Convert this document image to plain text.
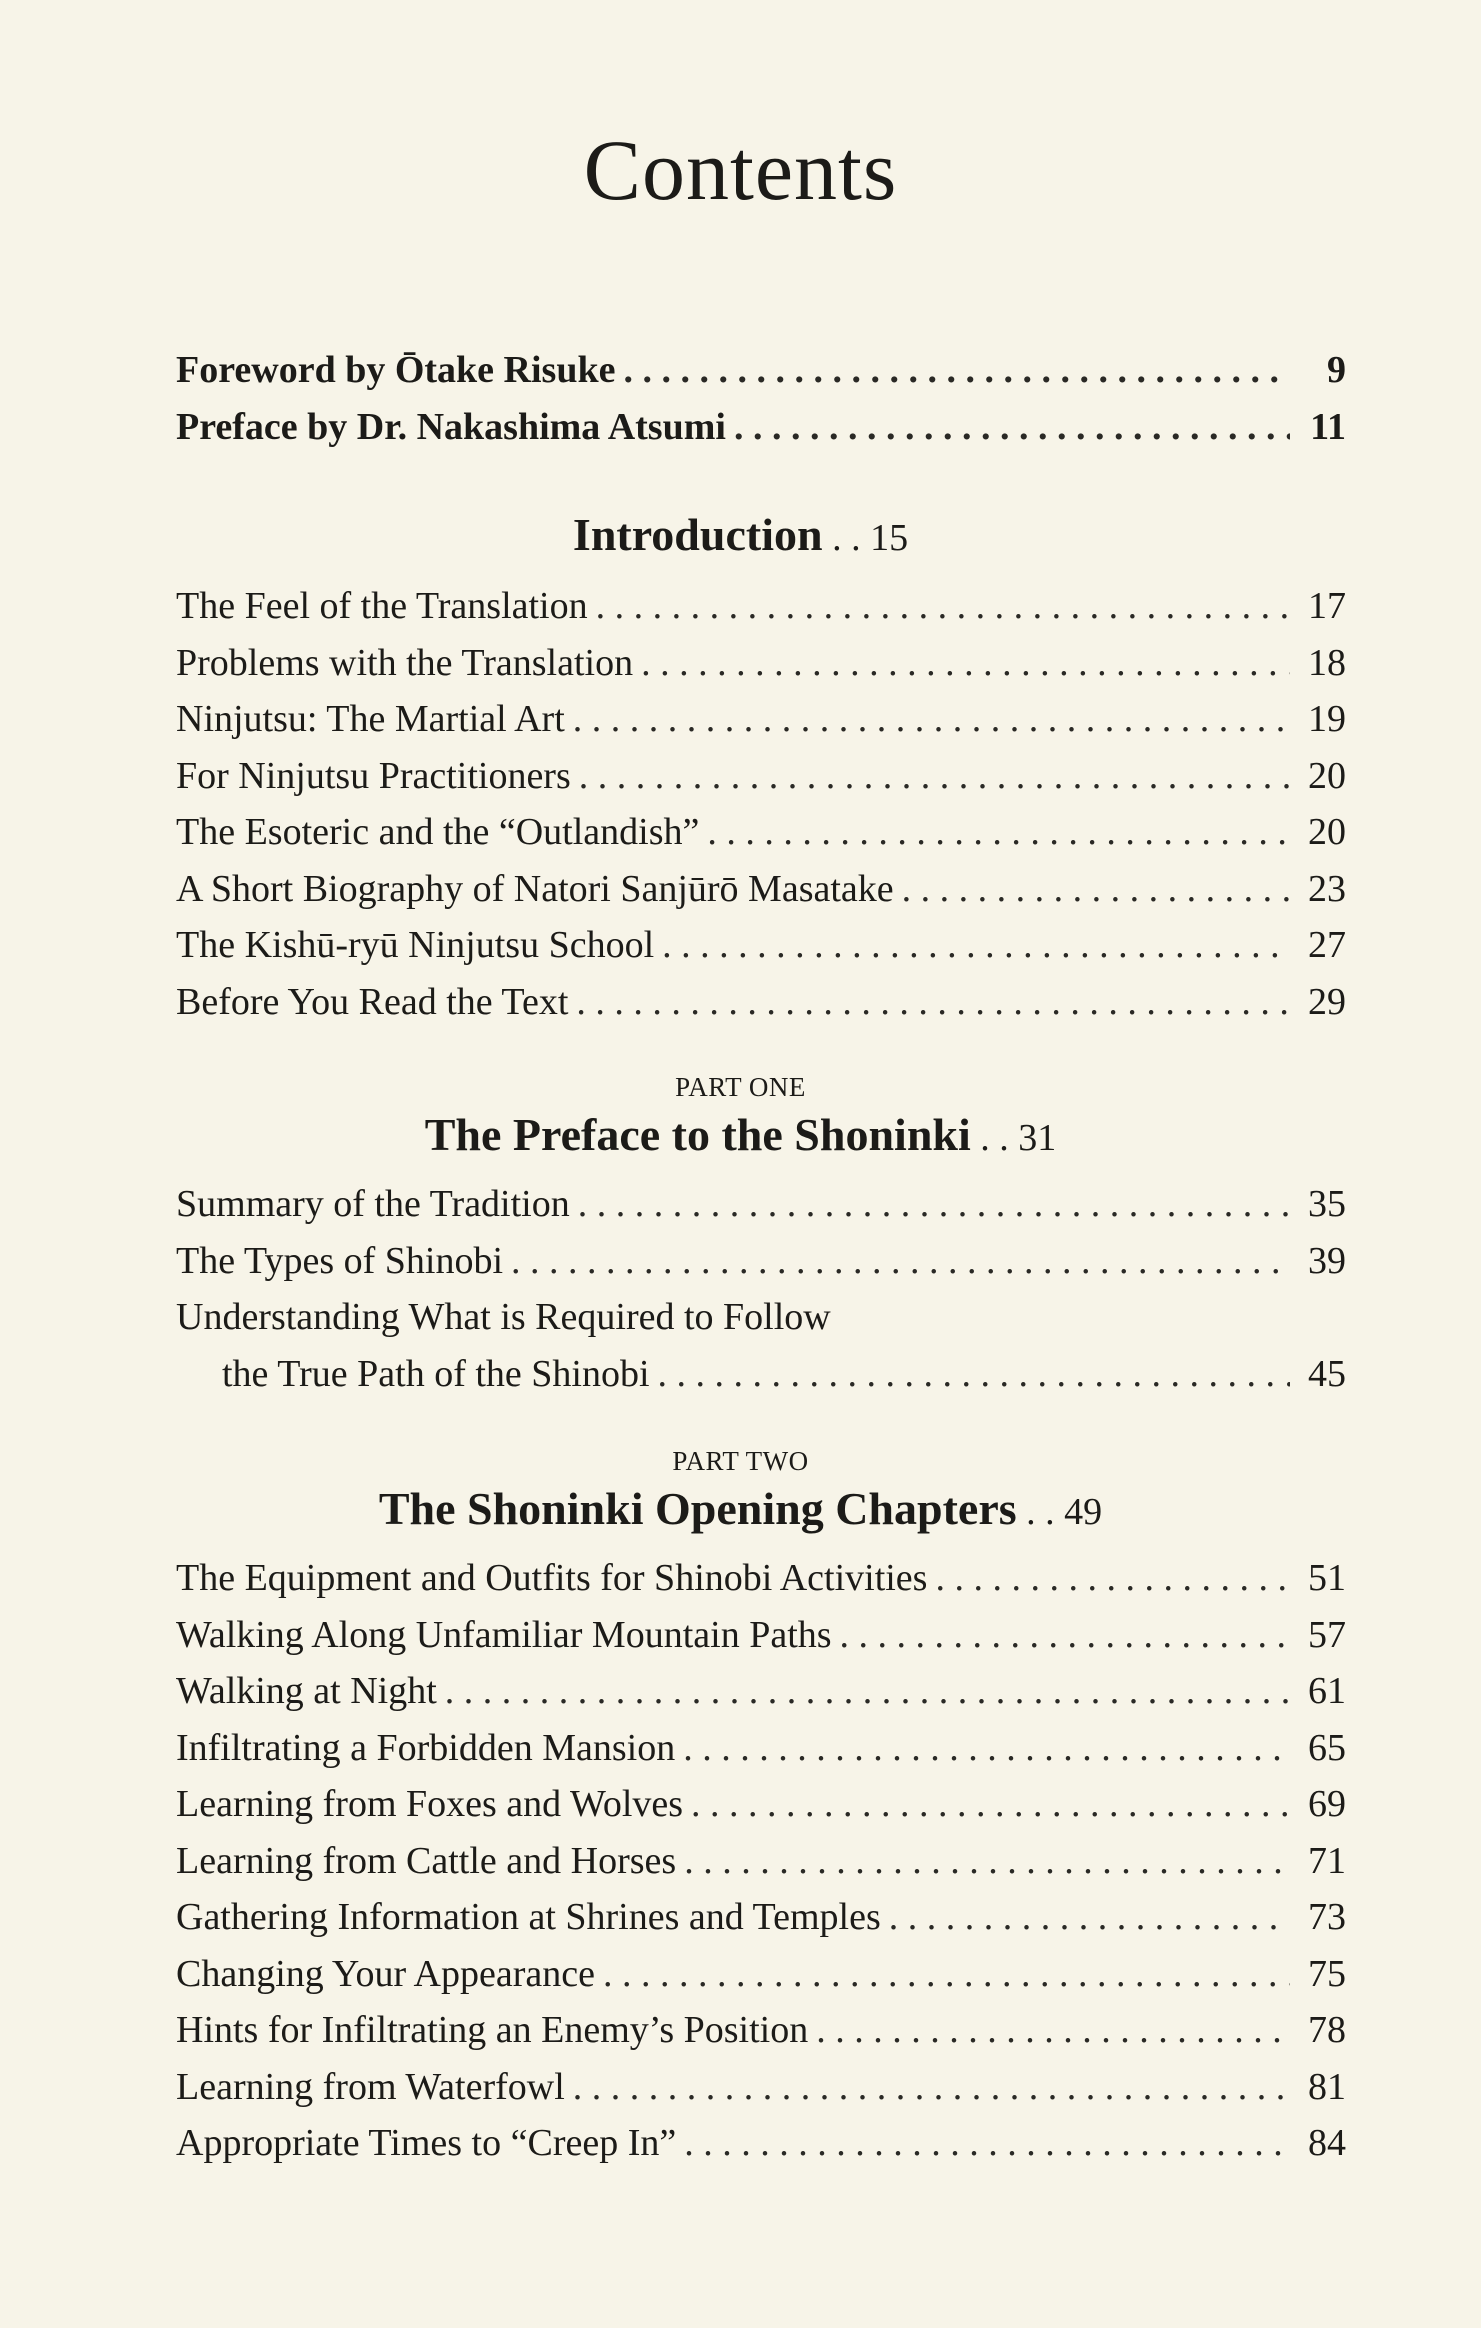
Contents
Foreword by Ōtake Risuke . . .	9
Preface by Dr. Nakashima Atsumi . . .	11
Introduction . . 15
The Feel of the Translation . . .	17
Problems with the Translation . . .	18
Ninjutsu: The Martial Art . . .	19
For Ninjutsu Practitioners . . .	20
The Esoteric and the “Outlandish” . . .	20
A Short Biography of Natori Sanjūrō Masatake . . .	23
The Kishū-ryū Ninjutsu School . . .	27
Before You Read the Text . . .	29
PART ONE
The Preface to the Shoninki . . 31
Summary of the Tradition . . .	35
The Types of Shinobi . . .	39
Understanding What is Required to Follow
the True Path of the Shinobi . . .	45
PART TWO
The Shoninki Opening Chapters . . 49
The Equipment and Outfits for Shinobi Activities . . .	51
Walking Along Unfamiliar Mountain Paths . . .	57
Walking at Night . . .	61
Infiltrating a Forbidden Mansion . . .	65
Learning from Foxes and Wolves . . .	69
Learning from Cattle and Horses . . .	71
Gathering Information at Shrines and Temples . . .	73
Changing Your Appearance . . .	75
Hints for Infiltrating an Enemy’s Position . . .	78
Learning from Waterfowl . . .	81
Appropriate Times to “Creep In” . . .	84
